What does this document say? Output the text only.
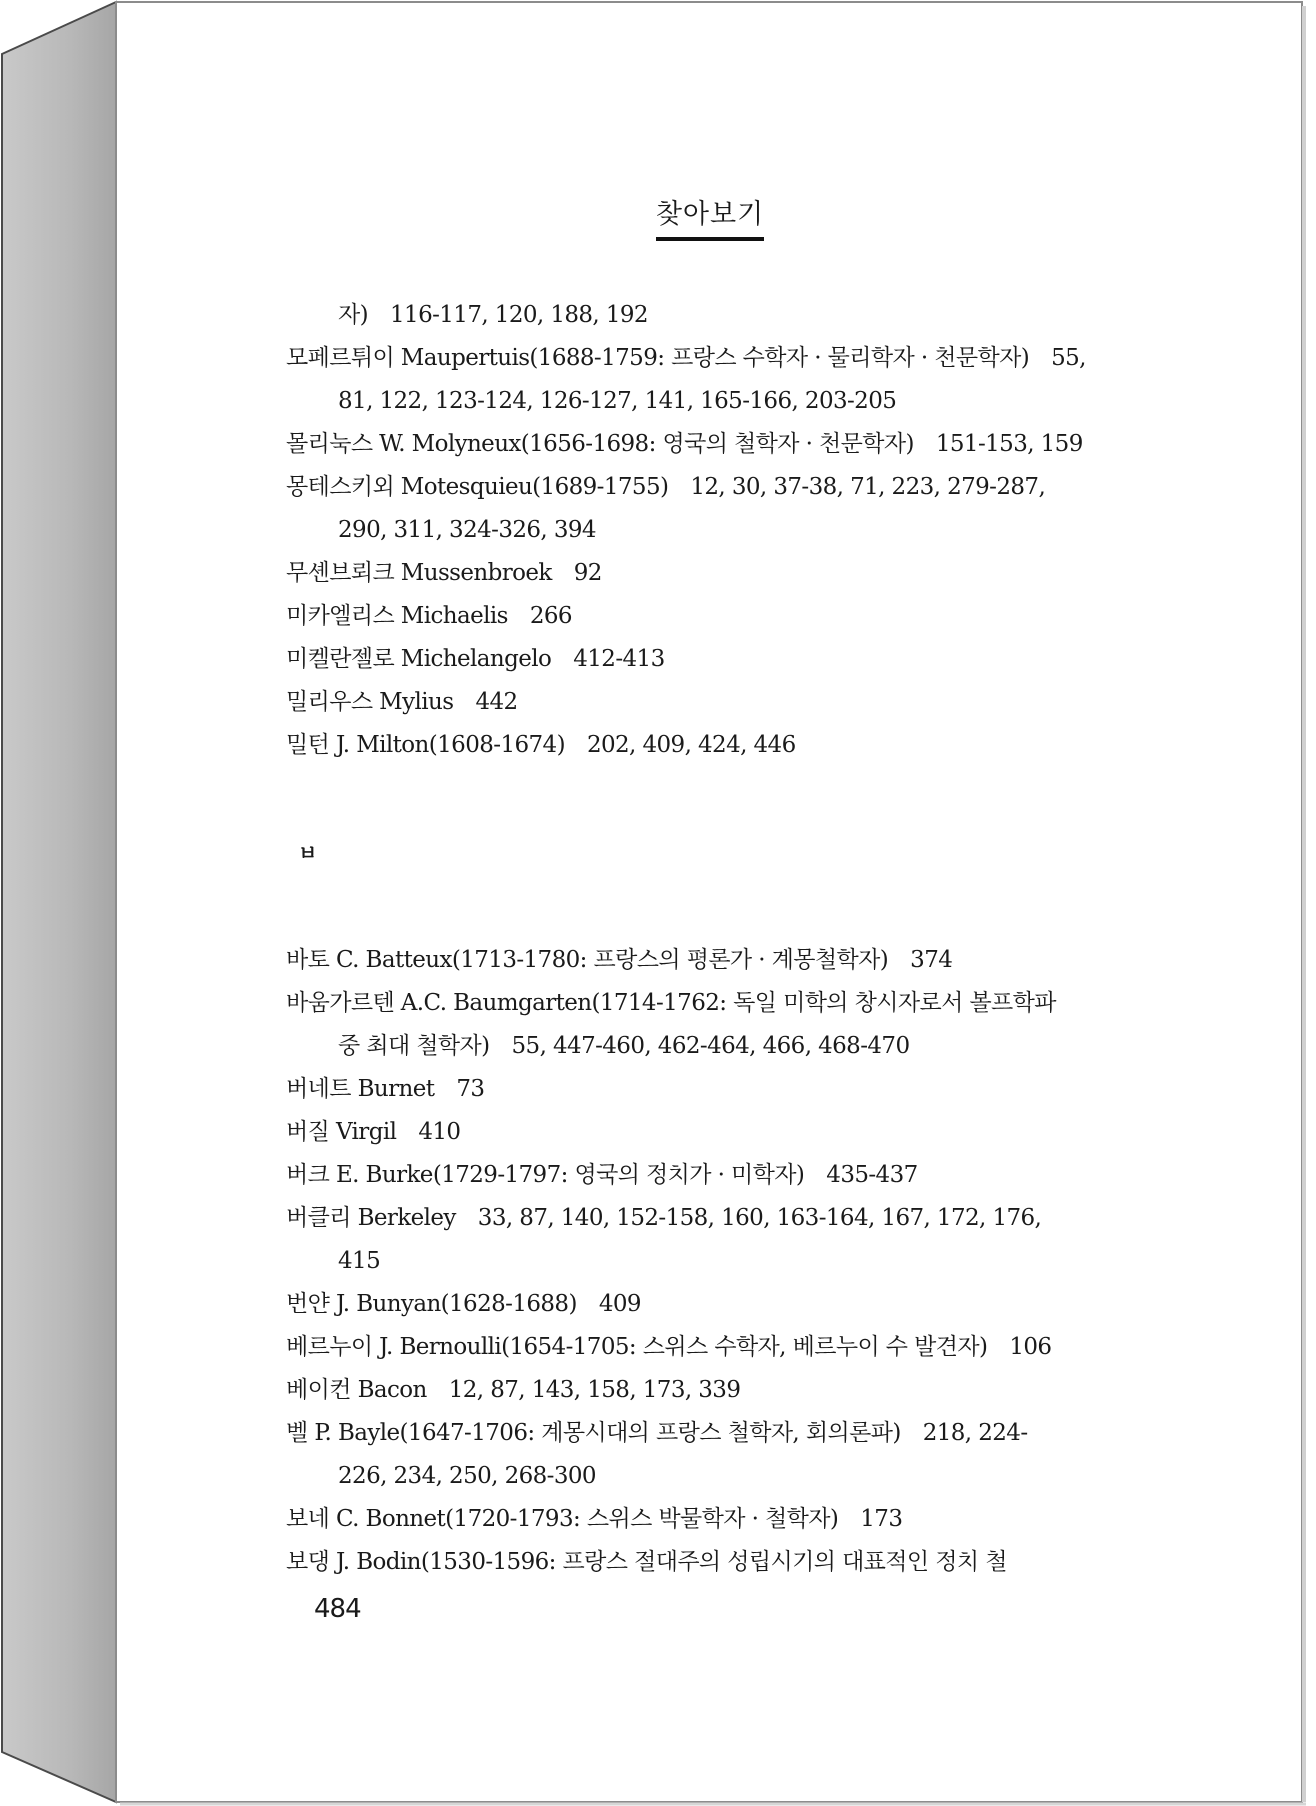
찾아보기
자) 116-117, 120, 188, 192
모페르튀이 Maupertuis(1688-1759: 프랑스 수학자 · 물리학자 · 천문학자) 55,
81, 122, 123-124, 126-127, 141, 165-166, 203-205
몰리눅스 W. Molyneux(1656-1698: 영국의 철학자 · 천문학자) 151-153, 159
몽테스키외 Motesquieu(1689-1755) 12, 30, 37-38, 71, 223, 279-287,
290, 311, 324-326, 394
무셴브뢰크 Mussenbroek 92
미카엘리스 Michaelis 266
미켈란젤로 Michelangelo 412-413
밀리우스 Mylius 442
밀턴 J. Milton(1608-1674) 202, 409, 424, 446
ㅂ
바토 C. Batteux(1713-1780: 프랑스의 평론가 · 계몽철학자) 374
바움가르텐 A.C. Baumgarten(1714-1762: 독일 미학의 창시자로서 볼프학파
중 최대 철학자) 55, 447-460, 462-464, 466, 468-470
버네트 Burnet 73
버질 Virgil 410
버크 E. Burke(1729-1797: 영국의 정치가 · 미학자) 435-437
버클리 Berkeley 33, 87, 140, 152-158, 160, 163-164, 167, 172, 176,
415
번얀 J. Bunyan(1628-1688) 409
베르누이 J. Bernoulli(1654-1705: 스위스 수학자, 베르누이 수 발견자) 106
베이컨 Bacon 12, 87, 143, 158, 173, 339
벨 P. Bayle(1647-1706: 계몽시대의 프랑스 철학자, 회의론파) 218, 224-
226, 234, 250, 268-300
보네 C. Bonnet(1720-1793: 스위스 박물학자 · 철학자) 173
보댕 J. Bodin(1530-1596: 프랑스 절대주의 성립시기의 대표적인 정치 철
484
